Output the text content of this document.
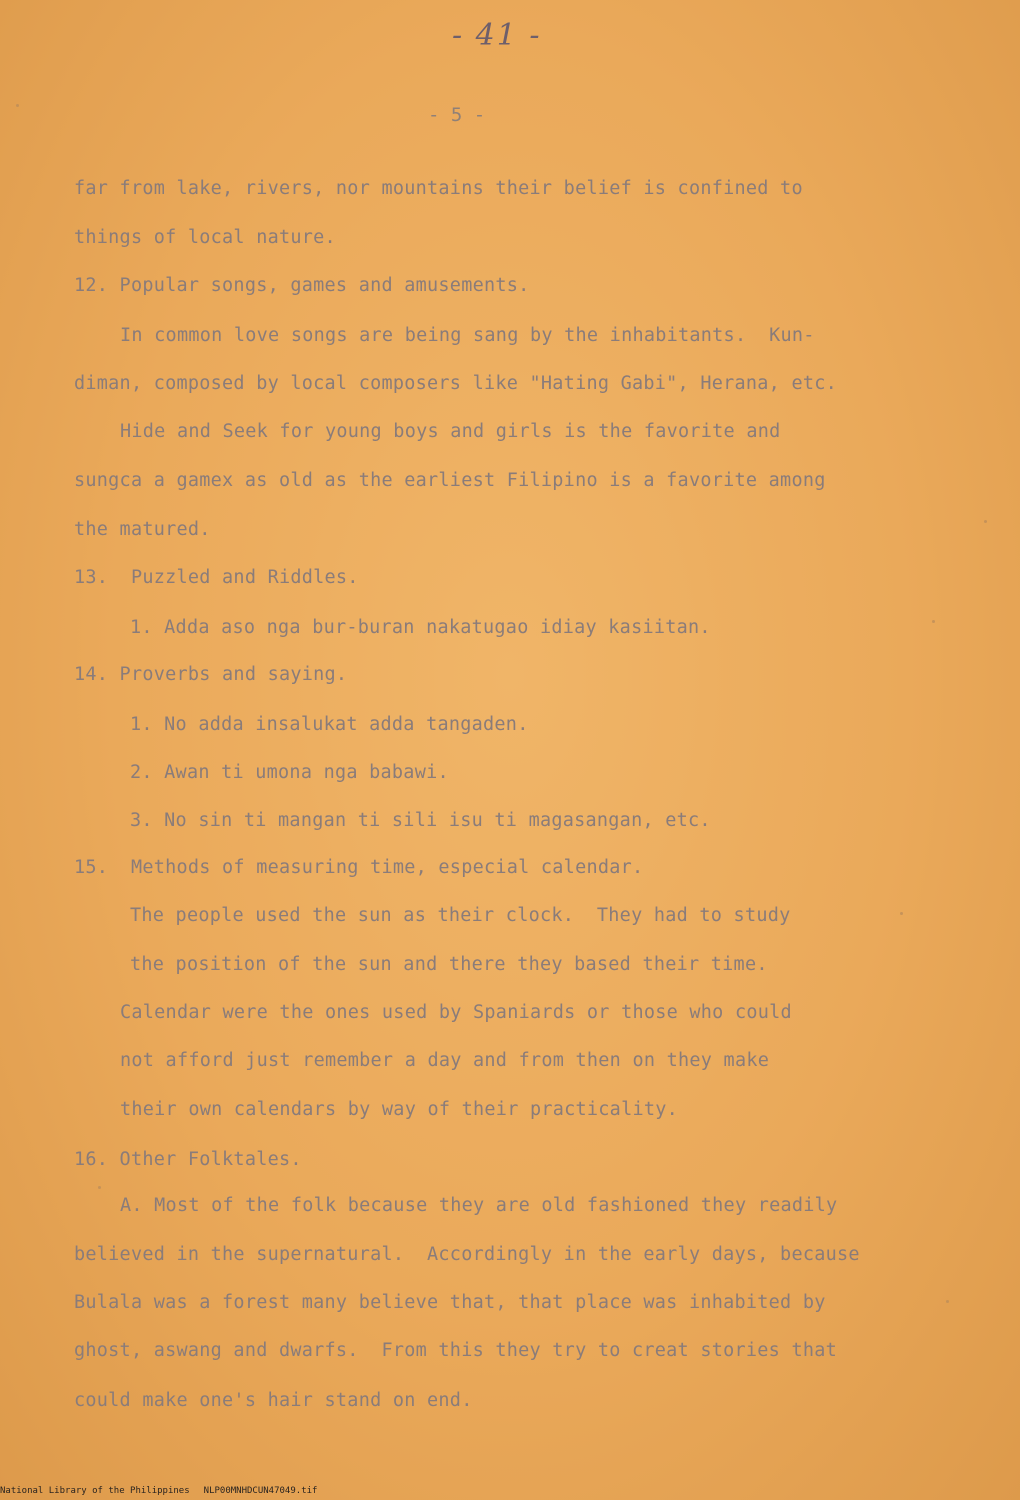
- 41 -
- 5 -
far from lake, rivers, nor mountains their belief is confined to
things of local nature.
12. Popular songs, games and amusements.
In common love songs are being sang by the inhabitants.  Kun-
diman, composed by local composers like "Hating Gabi", Herana, etc.
Hide and Seek for young boys and girls is the favorite and
sungca a gamex as old as the earliest Filipino is a favorite among
the matured.
13.  Puzzled and Riddles.
1. Adda aso nga bur-buran nakatugao idiay kasiitan.
14. Proverbs and saying.
1. No adda insalukat adda tangaden.
2. Awan ti umona nga babawi.
3. No sin ti mangan ti sili isu ti magasangan, etc.
15.  Methods of measuring time, especial calendar.
The people used the sun as their clock.  They had to study
the position of the sun and there they based their time.
Calendar were the ones used by Spaniards or those who could
not afford just remember a day and from then on they make
their own calendars by way of their practicality.
16. Other Folktales.
A. Most of the folk because they are old fashioned they readily
believed in the supernatural.  Accordingly in the early days, because
Bulala was a forest many believe that, that place was inhabited by
ghost, aswang and dwarfs.  From this they try to creat stories that
could make one's hair stand on end.
National Library of the Philippines NLP00MNHDCUN47049.tif
